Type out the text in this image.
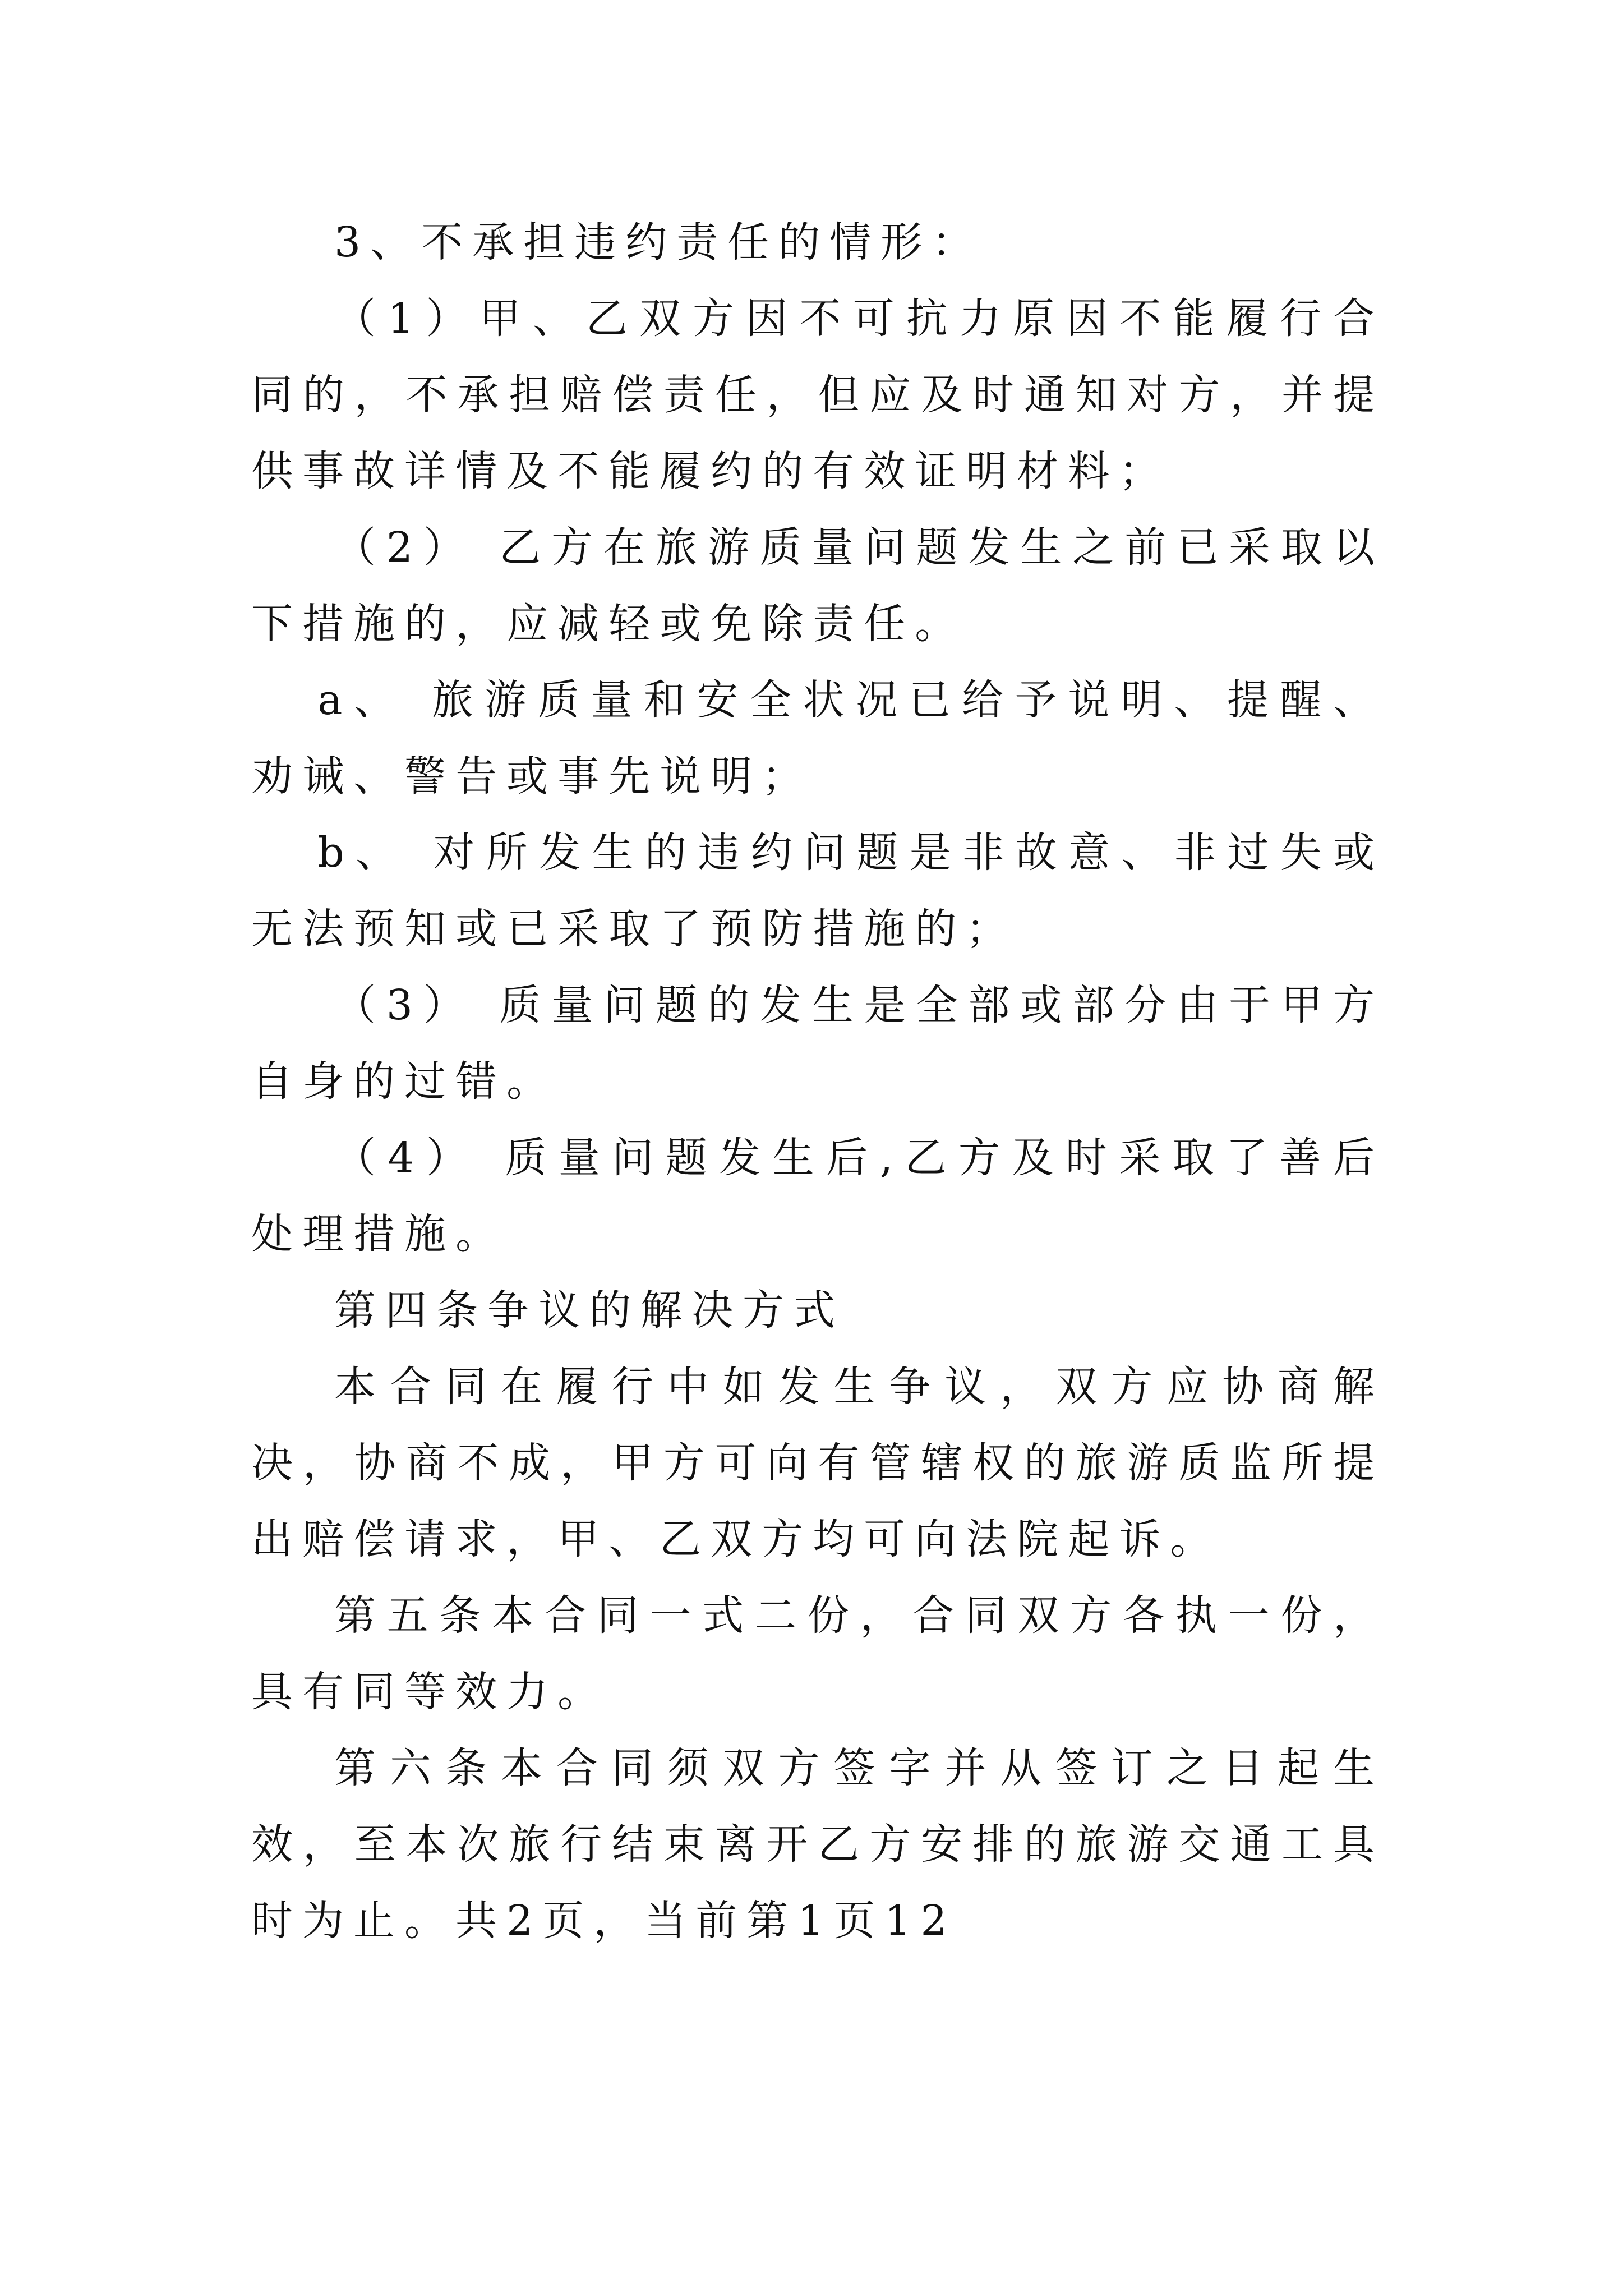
3、不承担违约责任的情形：

（1）甲、乙双方因不可抗力原因不能履行合同的，不承担赔偿责任，但应及时通知对方，并提供事故详情及不能履约的有效证明材料；

（2） 乙方在旅游质量问题发生之前已采取以下措施的，应减轻或免除责任。

a、 旅游质量和安全状况已给予说明、提醒、劝诫、警告或事先说明；

b、 对所发生的违约问题是非故意、非过失或无法预知或已采取了预防措施的；

（3） 质量问题的发生是全部或部分由于甲方自身的过错。

（4） 质量问题发生后,乙方及时采取了善后处理措施。

第四条争议的解决方式

本合同在履行中如发生争议，双方应协商解决，协商不成，甲方可向有管辖权的旅游质监所提出赔偿请求，甲、乙双方均可向法院起诉。

第五条本合同一式二份，合同双方各执一份，具有同等效力。

第六条本合同须双方签字并从签订之日起生效，至本次旅行结束离开乙方安排的旅游交通工具时为止。共2页，当前第1页12
